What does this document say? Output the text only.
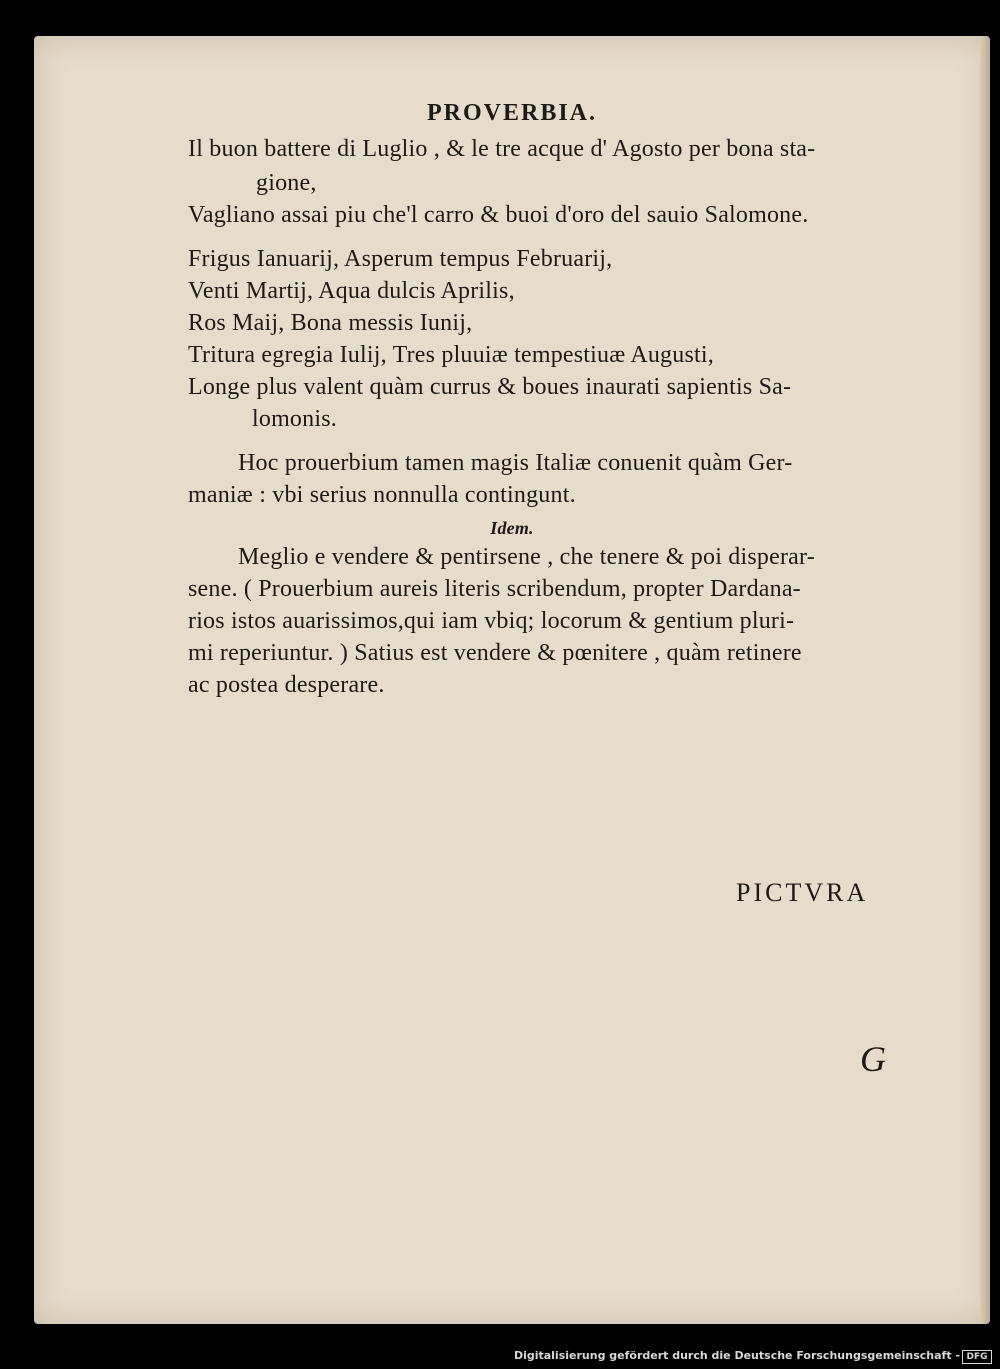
PROVERBIA.
Il buon battere di Luglio , & le tre acque d' Agosto per bona sta-
gione,
Vagliano assai piu che'l carro & buoi d'oro del sauio Salomone.
Frigus Ianuarij, Asperum tempus Februarij,
Venti Martij, Aqua dulcis Aprilis,
Ros Maij, Bona messis Iunij,
Tritura egregia Iulij, Tres pluuiæ tempestiuæ Augusti,
Longe plus valent quàm currus & boues inaurati sapientis Sa-
lomonis.
Hoc prouerbium tamen magis Italiæ conuenit quàm Ger-
maniæ : vbi serius nonnulla contingunt.
Idem.
Meglio e vendere & pentirsene , che tenere & poi disperar-
sene. ( Prouerbium aureis literis scribendum, propter Dardana-
rios istos auarissimos,qui iam vbiq; locorum & gentium pluri-
mi reperiuntur. ) Satius est vendere & pœnitere , quàm retinere
ac postea desperare.
PICTVRA
G
Digitalisierung gefördert durch die Deutsche Forschungsgemeinschaft - DFG
